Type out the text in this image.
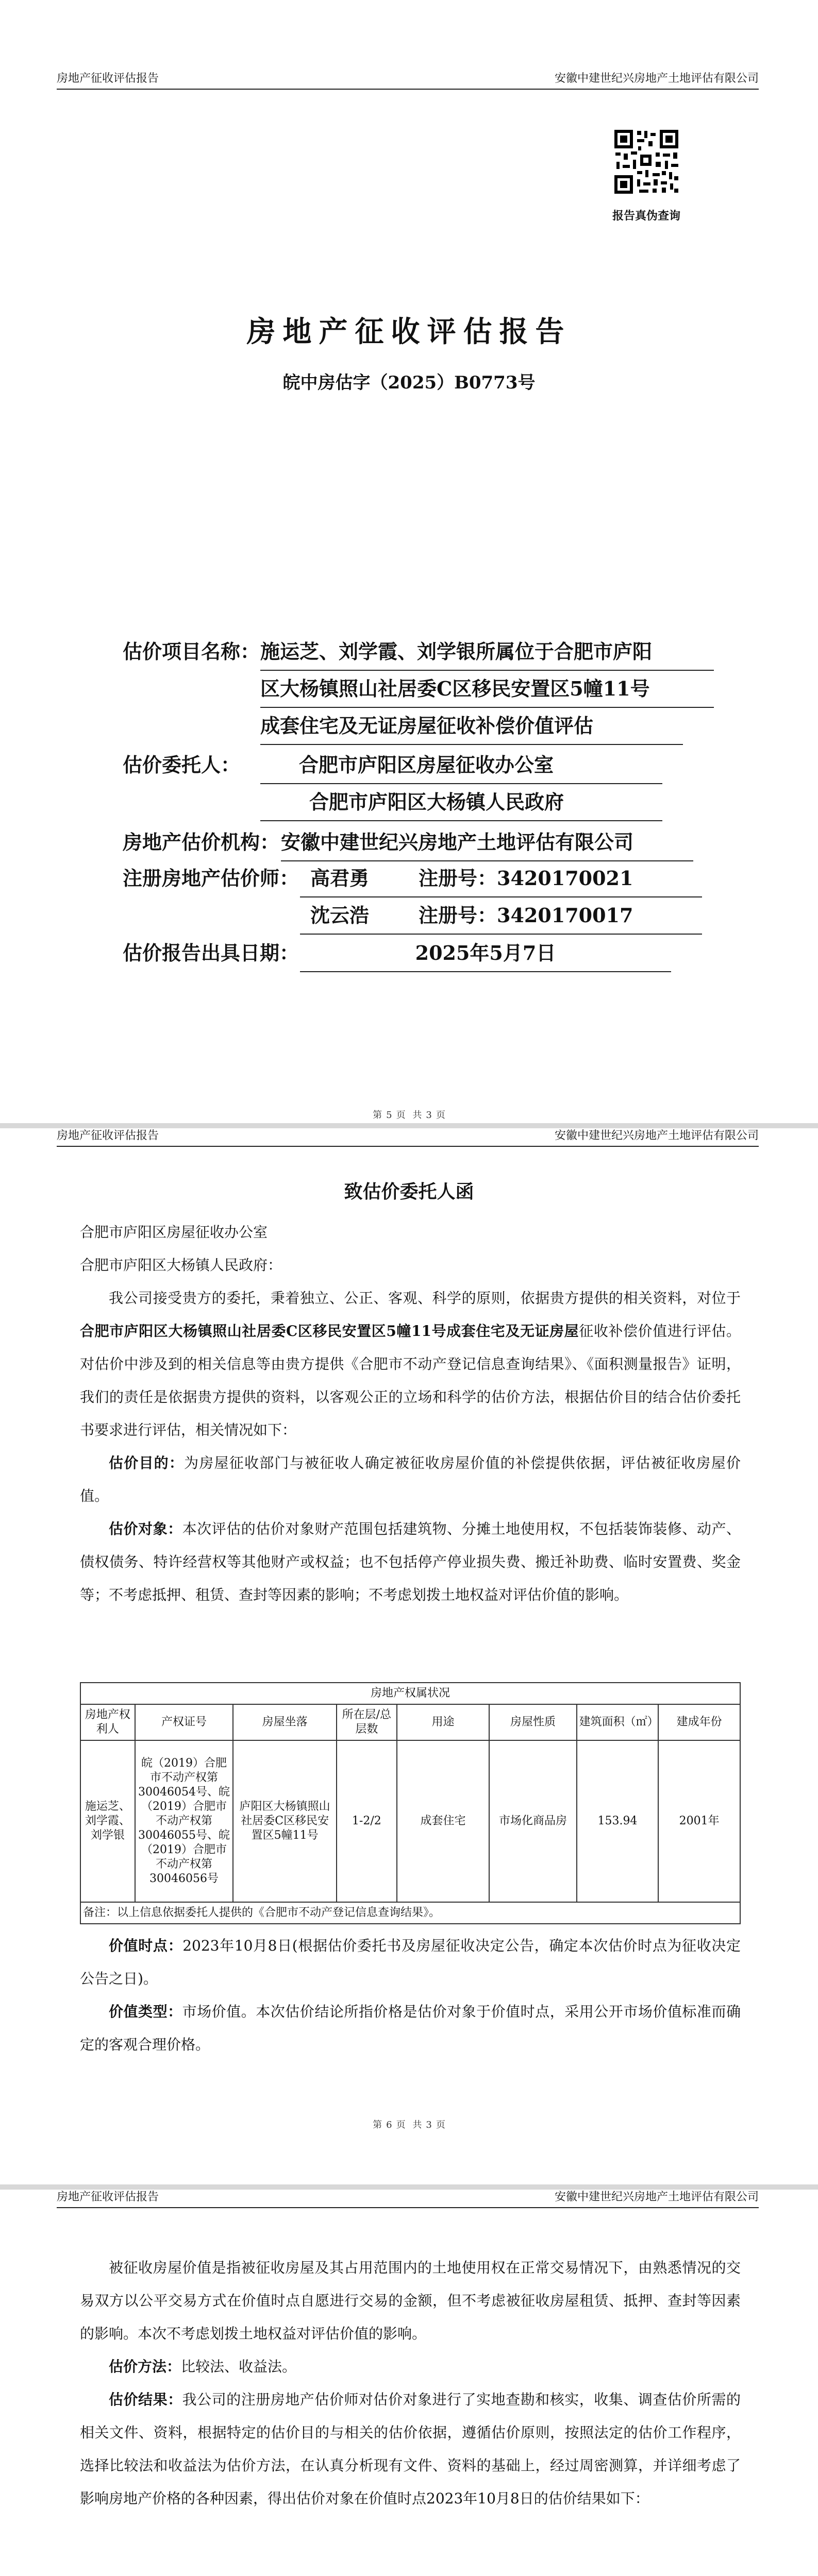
房地产征收评估报告	安徽中建世纪兴房地产土地评估有限公司
报告真伪查询
房地产征收评估报告
皖中房估字（2025）B0773号
估价项目名称： 施运芝、刘学霞、刘学银所属位于合肥市庐阳
区大杨镇照山社居委C区移民安置区5幢11号
成套住宅及无证房屋征收补偿价值评估
估价委托人：	合肥市庐阳区房屋征收办公室
合肥市庐阳区大杨镇人民政府
房地产估价机构： 安徽中建世纪兴房地产土地评估有限公司
注册房地产估价师： 高君勇	注册号：3420170021
沈云浩	注册号：3420170017
估价报告出具日期：	2025年5月7日
第 5 页 共 3 页
房地产征收评估报告	安徽中建世纪兴房地产土地评估有限公司
致估价委托人函
合肥市庐阳区房屋征收办公室
合肥市庐阳区大杨镇人民政府：

我公司接受贵方的委托，秉着独立、公正、客观、科学的原则，依据贵方提供的相关资料，对位于合肥市庐阳区大杨镇照山社居委C区移民安置区5幢11号成套住宅及无证房屋征收补偿价值进行评估。对估价中涉及到的相关信息等由贵方提供《合肥市不动产登记信息查询结果》、《面积测量报告》证明，我们的责任是依据贵方提供的资料，以客观公正的立场和科学的估价方法，根据估价目的结合估价委托书要求进行评估，相关情况如下：

估价目的：为房屋征收部门与被征收人确定被征收房屋价值的补偿提供依据，评估被征收房屋价值。

估价对象：本次评估的估价对象财产范围包括建筑物、分摊土地使用权，不包括装饰装修、动产、债权债务、特许经营权等其他财产或权益；也不包括停产停业损失费、搬迁补助费、临时安置费、奖金等；不考虑抵押、租赁、查封等因素的影响；不考虑划拨土地权益对评估价值的影响。

房地产权属状况							
房地产权利人	产权证号	房屋坐落	所在层/总层数	用途	房屋性质	建筑面积（㎡）	建成年份
施运芝、刘学霞、刘学银	皖（2019）合肥市不动产权第30046054号、皖（2019）合肥市不动产权第30046055号、皖（2019）合肥市不动产权第30046056号	庐阳区大杨镇照山社居委C区移民安置区5幢11号	1-2/2	成套住宅	市场化商品房	153.94	2001年
备注：以上信息依据委托人提供的《合肥市不动产登记信息查询结果》。							

价值时点：2023年10月8日(根据估价委托书及房屋征收决定公告，确定本次估价时点为征收决定公告之日)。

价值类型：市场价值。本次估价结论所指价格是估价对象于价值时点，采用公开市场价值标准而确定的客观合理价格。

第 6 页 共 3 页
房地产征收评估报告	安徽中建世纪兴房地产土地评估有限公司

被征收房屋价值是指被征收房屋及其占用范围内的土地使用权在正常交易情况下，由熟悉情况的交易双方以公平交易方式在价值时点自愿进行交易的金额，但不考虑被征收房屋租赁、抵押、查封等因素的影响。本次不考虑划拨土地权益对评估价值的影响。

估价方法：比较法、收益法。

估价结果：我公司的注册房地产估价师对估价对象进行了实地查勘和核实，收集、调查估价所需的相关文件、资料，根据特定的估价目的与相关的估价依据，遵循估价原则，按照法定的估价工作程序，选择比较法和收益法为估价方法，在认真分析现有文件、资料的基础上，经过周密测算，并详细考虑了影响房地产价格的各种因素，得出估价对象在价值时点2023年10月8日的估价结果如下：
